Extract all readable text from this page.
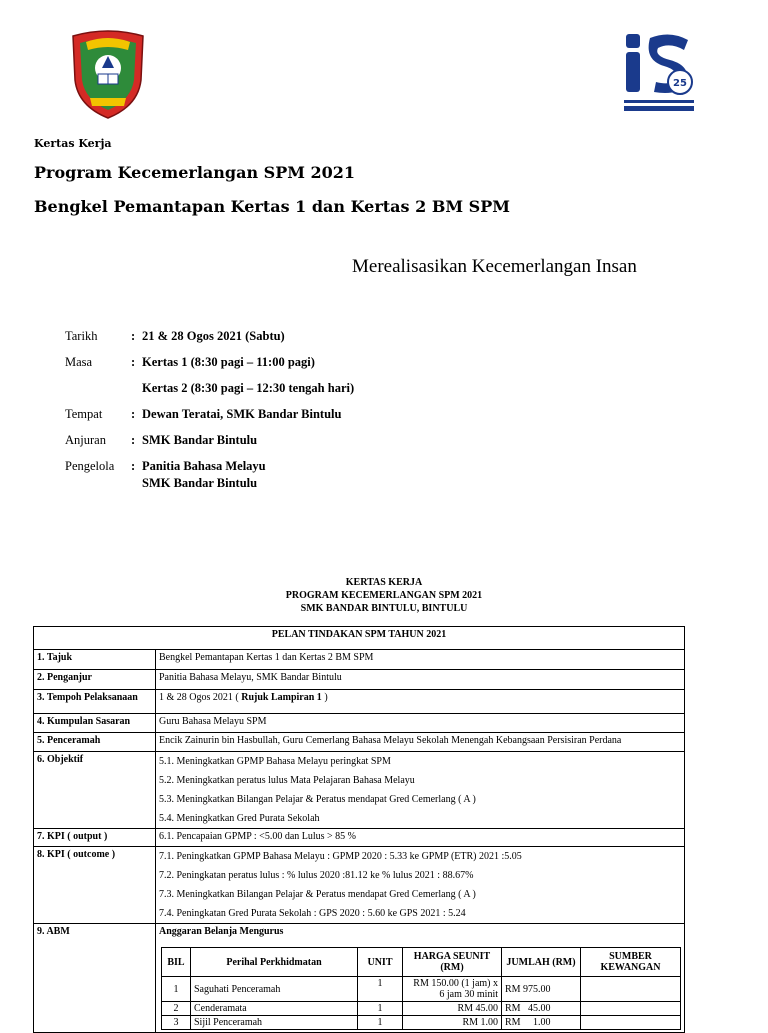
25
Kertas Kerja
Program Kecemerlangan SPM 2021
Bengkel Pemantapan Kertas 1 dan Kertas 2 BM SPM
Merealisasikan Kecemerlangan Insan
Tarikh	: 21 & 28 Ogos 2021 (Sabtu)
Masa	: Kertas 1 (8:30 pagi – 11:00 pagi)
Kertas 2 (8:30 pagi – 12:30 tengah hari)
Tempat : Dewan Teratai, SMK Bandar Bintulu
Anjuran : SMK Bandar Bintulu
Pengelola : Panitia Bahasa Melayu
SMK Bandar Bintulu
KERTAS KERJA
PROGRAM KECEMERLANGAN SPM 2021
SMK BANDAR BINTULU, BINTULU
PELAN TINDAKAN SPM TAHUN 2021
1. Tajuk	Bengkel Pemantapan Kertas 1 dan Kertas 2 BM SPM
2. Penganjur	Panitia Bahasa Melayu, SMK Bandar Bintulu
3. Tempoh Pelaksanaan	1 & 28 Ogos 2021 ( Rujuk Lampiran 1 )
4. Kumpulan Sasaran	Guru Bahasa Melayu SPM
5. Penceramah	Encik Zainurin bin Hasbullah, Guru Cemerlang Bahasa Melayu Sekolah Menengah Kebangsaan Persisiran Perdana
6. Objektif	5.1. Meningkatkan GPMP Bahasa Melayu peringkat SPM
5.2. Meningkatkan peratus lulus Mata Pelajaran Bahasa Melayu
5.3. Meningkatkan Bilangan Pelajar & Peratus mendapat Gred Cemerlang ( A )
5.4. Meningkatkan Gred Purata Sekolah

7. KPI ( output )	6.1. Pencapaian GPMP : <5.00 dan Lulus > 85 %
8. KPI ( outcome )	7.1. Peningkatkan GPMP Bahasa Melayu : GPMP 2020 : 5.33 ke GPMP (ETR) 2021 :5.05
7.2. Peningkatan peratus lulus : % lulus 2020 :81.12 ke % lulus 2021 : 88.67%
7.3. Meningkatkan Bilangan Pelajar & Peratus mendapat Gred Cemerlang ( A )
7.4. Peningkatan Gred Purata Sekolah : GPS 2020 : 5.60 ke GPS 2021 : 5.24

9. ABM	Anggaran Belanja Mengurus
BIL	Perihal Perkhidmatan	UNIT	HARGA SEUNIT (RM)	JUMLAH (RM)	SUMBER KEWANGAN
1	Saguhati Penceramah	1	RM 150.00 (1 jam) x 6 jam 30 minit	RM 975.00	
2	Cenderamata	1	RM 45.00	RM   45.00	
3	Sijil Penceramah	1	RM 1.00	RM     1.00	
